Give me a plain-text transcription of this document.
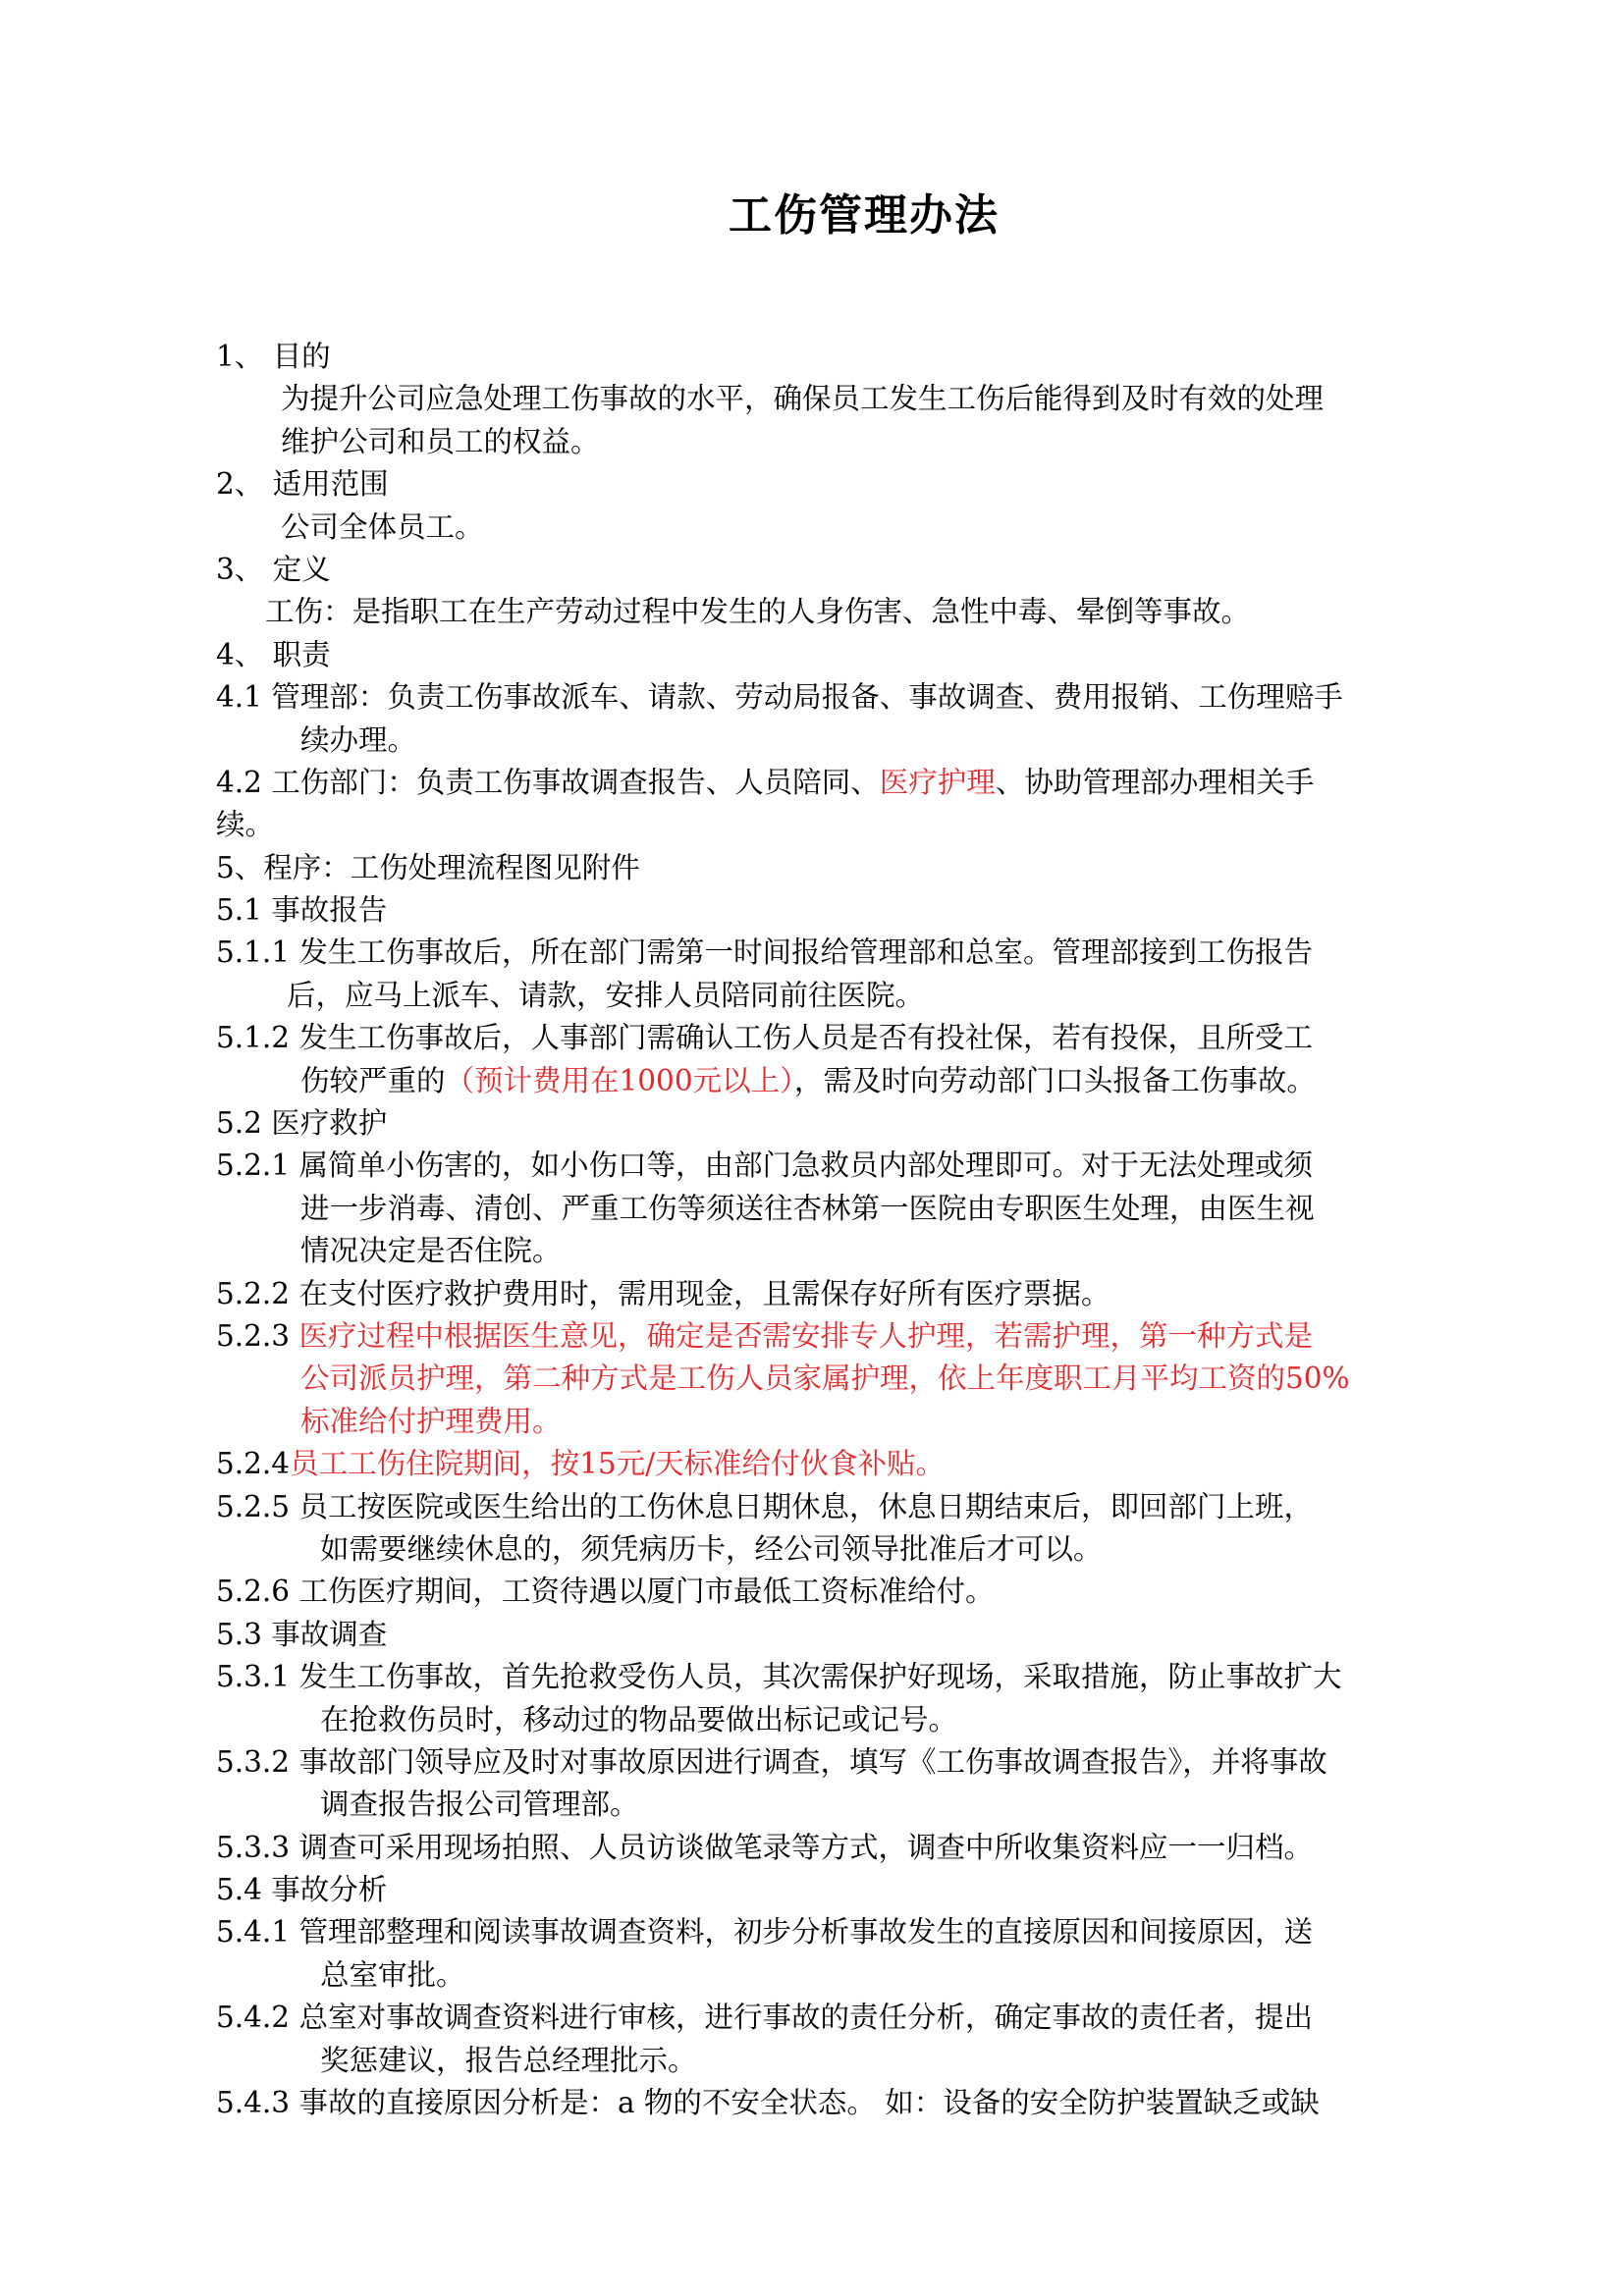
工伤管理办法
1、 目的
为提升公司应急处理工伤事故的水平，确保员工发生工伤后能得到及时有效的处理
维护公司和员工的权益。
2、 适用范围
公司全体员工。
3、 定义
工伤：是指职工在生产劳动过程中发生的人身伤害、急性中毒、晕倒等事故。
4、 职责
4.1 管理部：负责工伤事故派车、请款、劳动局报备、事故调查、费用报销、工伤理赔手
续办理。
4.2 工伤部门：负责工伤事故调查报告、人员陪同、医疗护理、协助管理部办理相关手
续。
5、程序：工伤处理流程图见附件
5.1 事故报告
5.1.1 发生工伤事故后，所在部门需第一时间报给管理部和总室。管理部接到工伤报告
后，应马上派车、请款，安排人员陪同前往医院。
5.1.2 发生工伤事故后，人事部门需确认工伤人员是否有投社保，若有投保，且所受工
伤较严重的（预计费用在1000元以上），需及时向劳动部门口头报备工伤事故。
5.2 医疗救护
5.2.1 属简单小伤害的，如小伤口等，由部门急救员内部处理即可。对于无法处理或须
进一步消毒、清创、严重工伤等须送往杏林第一医院由专职医生处理，由医生视
情况决定是否住院。
5.2.2 在支付医疗救护费用时，需用现金，且需保存好所有医疗票据。
5.2.3 医疗过程中根据医生意见，确定是否需安排专人护理，若需护理，第一种方式是
公司派员护理，第二种方式是工伤人员家属护理，依上年度职工月平均工资的50%
标准给付护理费用。
5.2.4员工工伤住院期间，按15元/天标准给付伙食补贴。
5.2.5 员工按医院或医生给出的工伤休息日期休息，休息日期结束后，即回部门上班，
如需要继续休息的，须凭病历卡，经公司领导批准后才可以。
5.2.6 工伤医疗期间，工资待遇以厦门市最低工资标准给付。
5.3 事故调查
5.3.1 发生工伤事故，首先抢救受伤人员，其次需保护好现场，采取措施，防止事故扩大
在抢救伤员时，移动过的物品要做出标记或记号。
5.3.2 事故部门领导应及时对事故原因进行调查，填写《工伤事故调查报告》，并将事故
调查报告报公司管理部。
5.3.3 调查可采用现场拍照、人员访谈做笔录等方式，调查中所收集资料应一一归档。
5.4 事故分析
5.4.1 管理部整理和阅读事故调查资料，初步分析事故发生的直接原因和间接原因，送
总室审批。
5.4.2 总室对事故调查资料进行审核，进行事故的责任分析，确定事故的责任者，提出
奖惩建议，报告总经理批示。
5.4.3 事故的直接原因分析是：a 物的不安全状态。 如：设备的安全防护装置缺乏或缺
